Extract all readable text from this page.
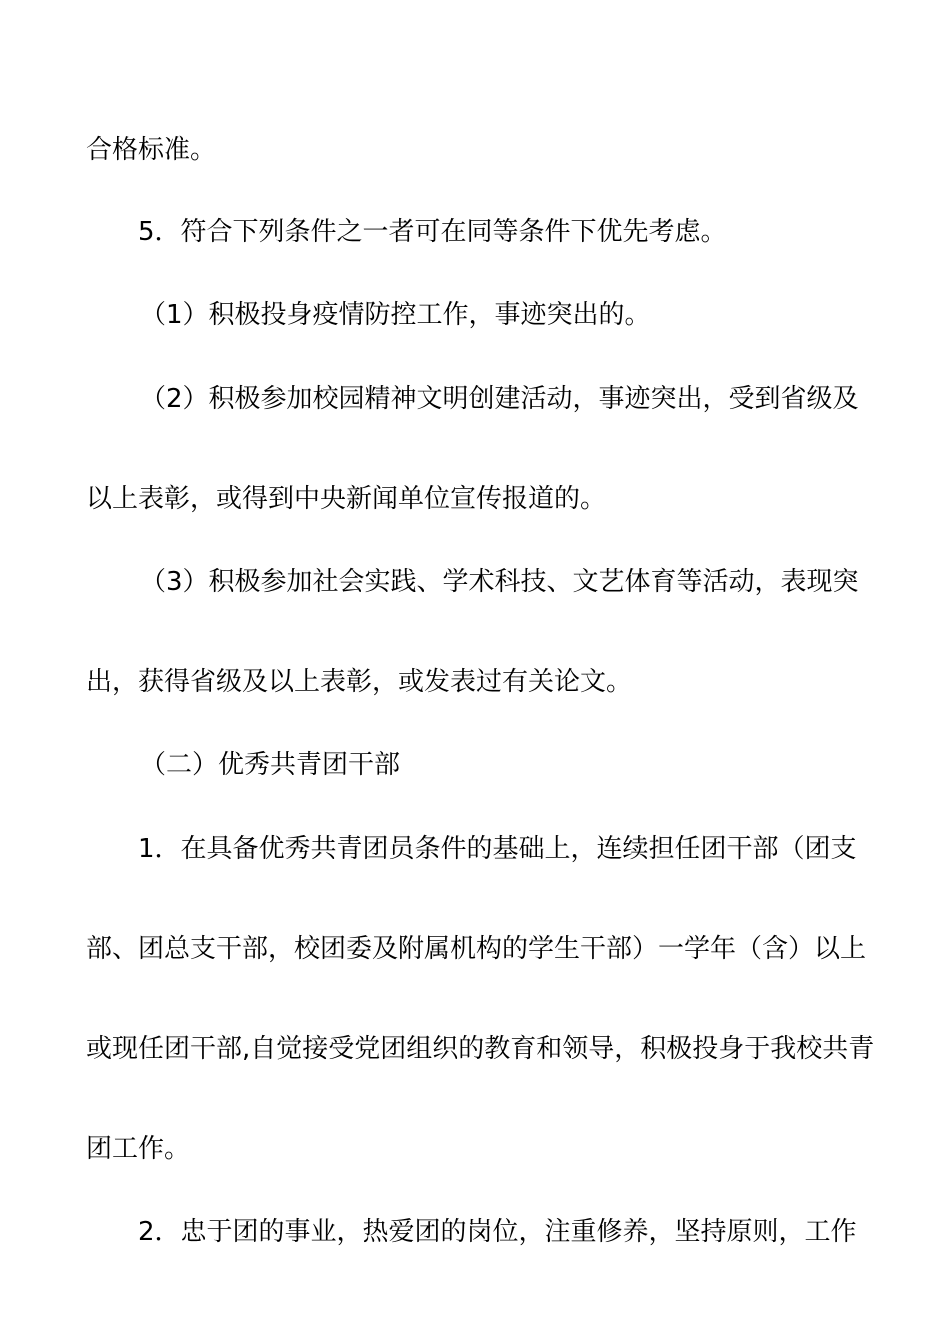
合格标准。
5．符合下列条件之一者可在同等条件下优先考虑。
（1）积极投身疫情防控工作，事迹突出的。
（2）积极参加校园精神文明创建活动，事迹突出，受到省级及
以上表彰，或得到中央新闻单位宣传报道的。
（3）积极参加社会实践、学术科技、文艺体育等活动，表现突
出，获得省级及以上表彰，或发表过有关论文。
（二）优秀共青团干部
1．在具备优秀共青团员条件的基础上，连续担任团干部（团支
部、团总支干部，校团委及附属机构的学生干部）一学年（含）以上
或现任团干部,自觉接受党团组织的教育和领导，积极投身于我校共青
团工作。
2．忠于团的事业，热爱团的岗位，注重修养，坚持原则，工作
